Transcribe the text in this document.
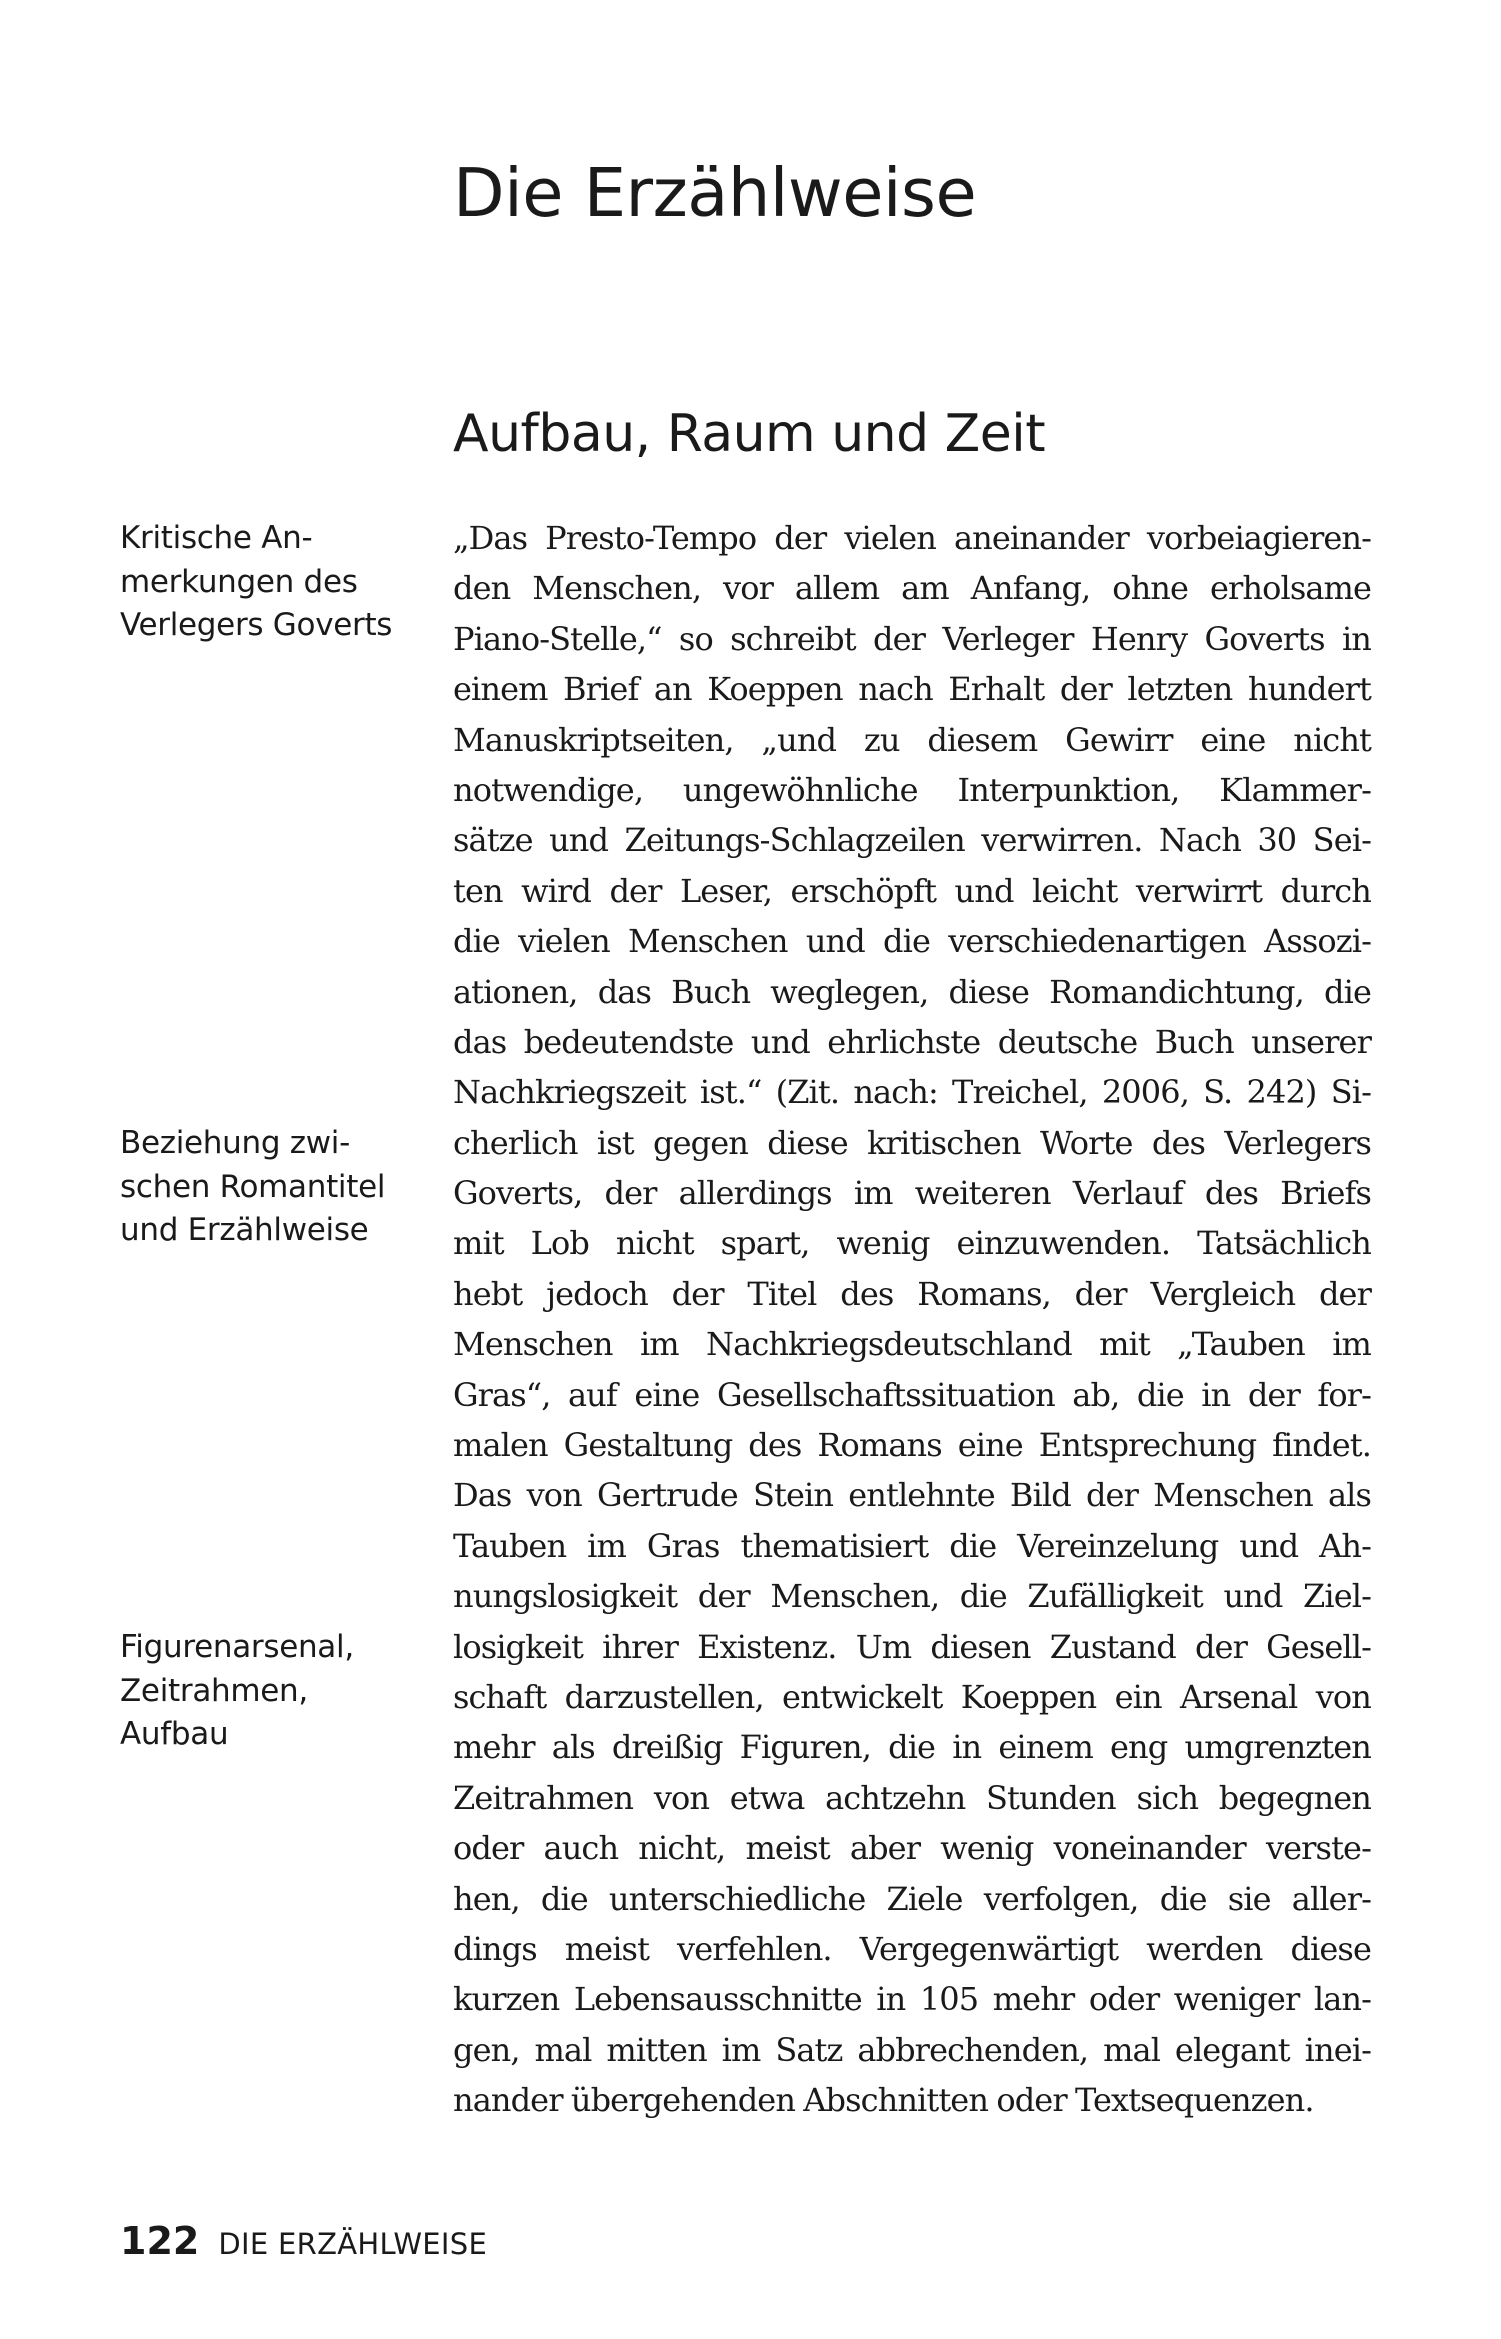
Die Erzählweise
Aufbau, Raum und Zeit
Kritische An-
merkungen des
Verlegers Goverts
Beziehung zwi-
schen Romantitel
und Erzählweise
Figurenarsenal,
Zeitrahmen,
Aufbau
„Das Presto-Tempo der vielen aneinander vorbeiagieren-
den Menschen, vor allem am Anfang, ohne erholsame
Piano-Stelle,“ so schreibt der Verleger Henry Goverts in
einem Brief an Koeppen nach Erhalt der letzten hundert
Manuskriptseiten, „und zu diesem Gewirr eine nicht
notwendige, ungewöhnliche Interpunktion, Klammer-
sätze und Zeitungs-Schlagzeilen verwirren. Nach 30 Sei-
ten wird der Leser, erschöpft und leicht verwirrt durch
die vielen Menschen und die verschiedenartigen Assozi-
ationen, das Buch weglegen, diese Romandichtung, die
das bedeutendste und ehrlichste deutsche Buch unserer
Nachkriegszeit ist.“ (Zit. nach: Treichel, 2006, S. 242) Si-
cherlich ist gegen diese kritischen Worte des Verlegers
Goverts, der allerdings im weiteren Verlauf des Briefs
mit Lob nicht spart, wenig einzuwenden. Tatsächlich
hebt jedoch der Titel des Romans, der Vergleich der
Menschen im Nachkriegsdeutschland mit „Tauben im
Gras“, auf eine Gesellschaftssituation ab, die in der for-
malen Gestaltung des Romans eine Entsprechung findet.
Das von Gertrude Stein entlehnte Bild der Menschen als
Tauben im Gras thematisiert die Vereinzelung und Ah-
nungslosigkeit der Menschen, die Zufälligkeit und Ziel-
losigkeit ihrer Existenz. Um diesen Zustand der Gesell-
schaft darzustellen, entwickelt Koeppen ein Arsenal von
mehr als dreißig Figuren, die in einem eng umgrenzten
Zeitrahmen von etwa achtzehn Stunden sich begegnen
oder auch nicht, meist aber wenig voneinander verste-
hen, die unterschiedliche Ziele verfolgen, die sie aller-
dings meist verfehlen. Vergegenwärtigt werden diese
kurzen Lebensausschnitte in 105 mehr oder weniger lan-
gen, mal mitten im Satz abbrechenden, mal elegant inei-
nander übergehenden Abschnitten oder Textsequenzen.
122 DIE ERZÄHLWEISE
